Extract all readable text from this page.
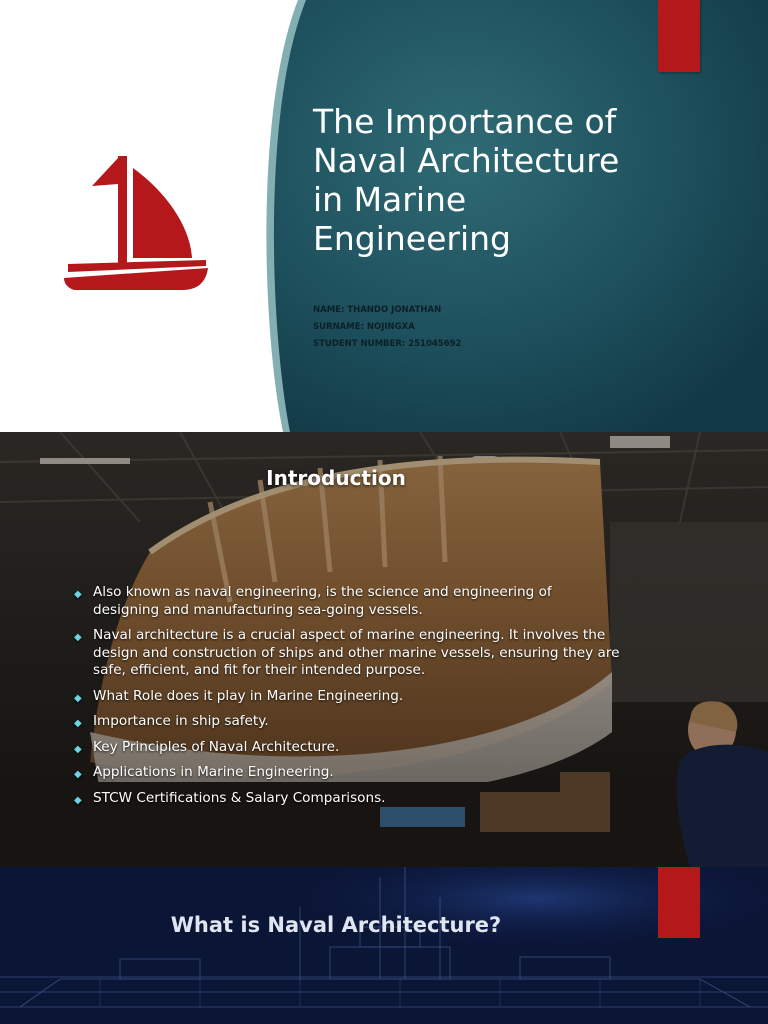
The Importance of Naval Architecture in Marine Engineering
NAME: THANDO JONATHAN
SURNAME: NOJINGXA
STUDENT NUMBER: 251045692
Introduction
◆ Also known as naval engineering, is the science and engineering of designing and manufacturing sea-going vessels.
◆ Naval architecture is a crucial aspect of marine engineering. It involves the design and construction of ships and other marine vessels, ensuring they are safe, efficient, and fit for their intended purpose.
◆ What Role does it play in Marine Engineering.
◆ Importance in ship safety.
◆ Key Principles of Naval Architecture.
◆ Applications in Marine Engineering.
◆ STCW Certifications & Salary Comparisons.
What is Naval Architecture?
